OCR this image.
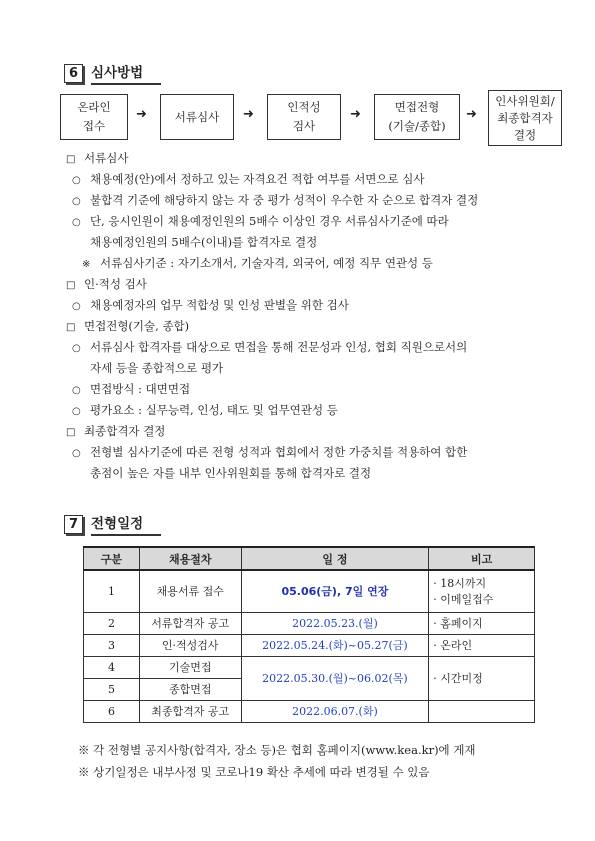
6 심사방법
온라인
접수
➜ 서류심사 ➜	인적성
검사
➜	면접전형
(기술/종합)
➜
인사위원회/
최종합격자
결정
□ 서류심사
○ 채용예정(안)에서 정하고 있는 자격요건 적합 여부를 서면으로 심사
○ 불합격 기준에 해당하지 않는 자 중 평가 성적이 우수한 자 순으로 합격자 결정
○ 단, 응시인원이 채용예정인원의 5배수 이상인 경우 서류심사기준에 따라
채용예정인원의 5배수(이내)를 합격자로 결정
※ 서류심사기준 : 자기소개서, 기술자격, 외국어, 예정 직무 연관성 등
□ 인·적성 검사
○ 채용예정자의 업무 적합성 및 인성 판별을 위한 검사
□ 면접전형(기술, 종합)
○ 서류심사 합격자를 대상으로 면접을 통해 전문성과 인성, 협회 직원으로서의
자세 등을 종합적으로 평가
○ 면접방식 : 대면면접
○ 평가요소 : 실무능력, 인성, 태도 및 업무연관성 등
□ 최종합격자 결정
○ 전형별 심사기준에 따른 전형 성적과 협회에서 정한 가중치를 적용하여 합한
총점이 높은 자를 내부 인사위원회를 통해 합격자로 결정
7 전형일정
구분	채용절차	일 정	비고
1	채용서류 접수	05.06(금), 7일 연장	· 18시까지
· 이메일접수

2	서류합격자 공고	2022.05.23.(월)	· 홈페이지
3	인·적성검사	2022.05.24.(화)~05.27(금)	· 온라인
4	기술면접	2022.05.30.(월)~06.02(목)	· 시간미정
5	종합면접		
6	최종합격자 공고	2022.06.07.(화)	
※ 각 전형별 공지사항(합격자, 장소 등)은 협회 홈페이지(www.kea.kr)에 게재
※ 상기일정은 내부사정 및 코로나19 확산 추세에 따라 변경될 수 있음
